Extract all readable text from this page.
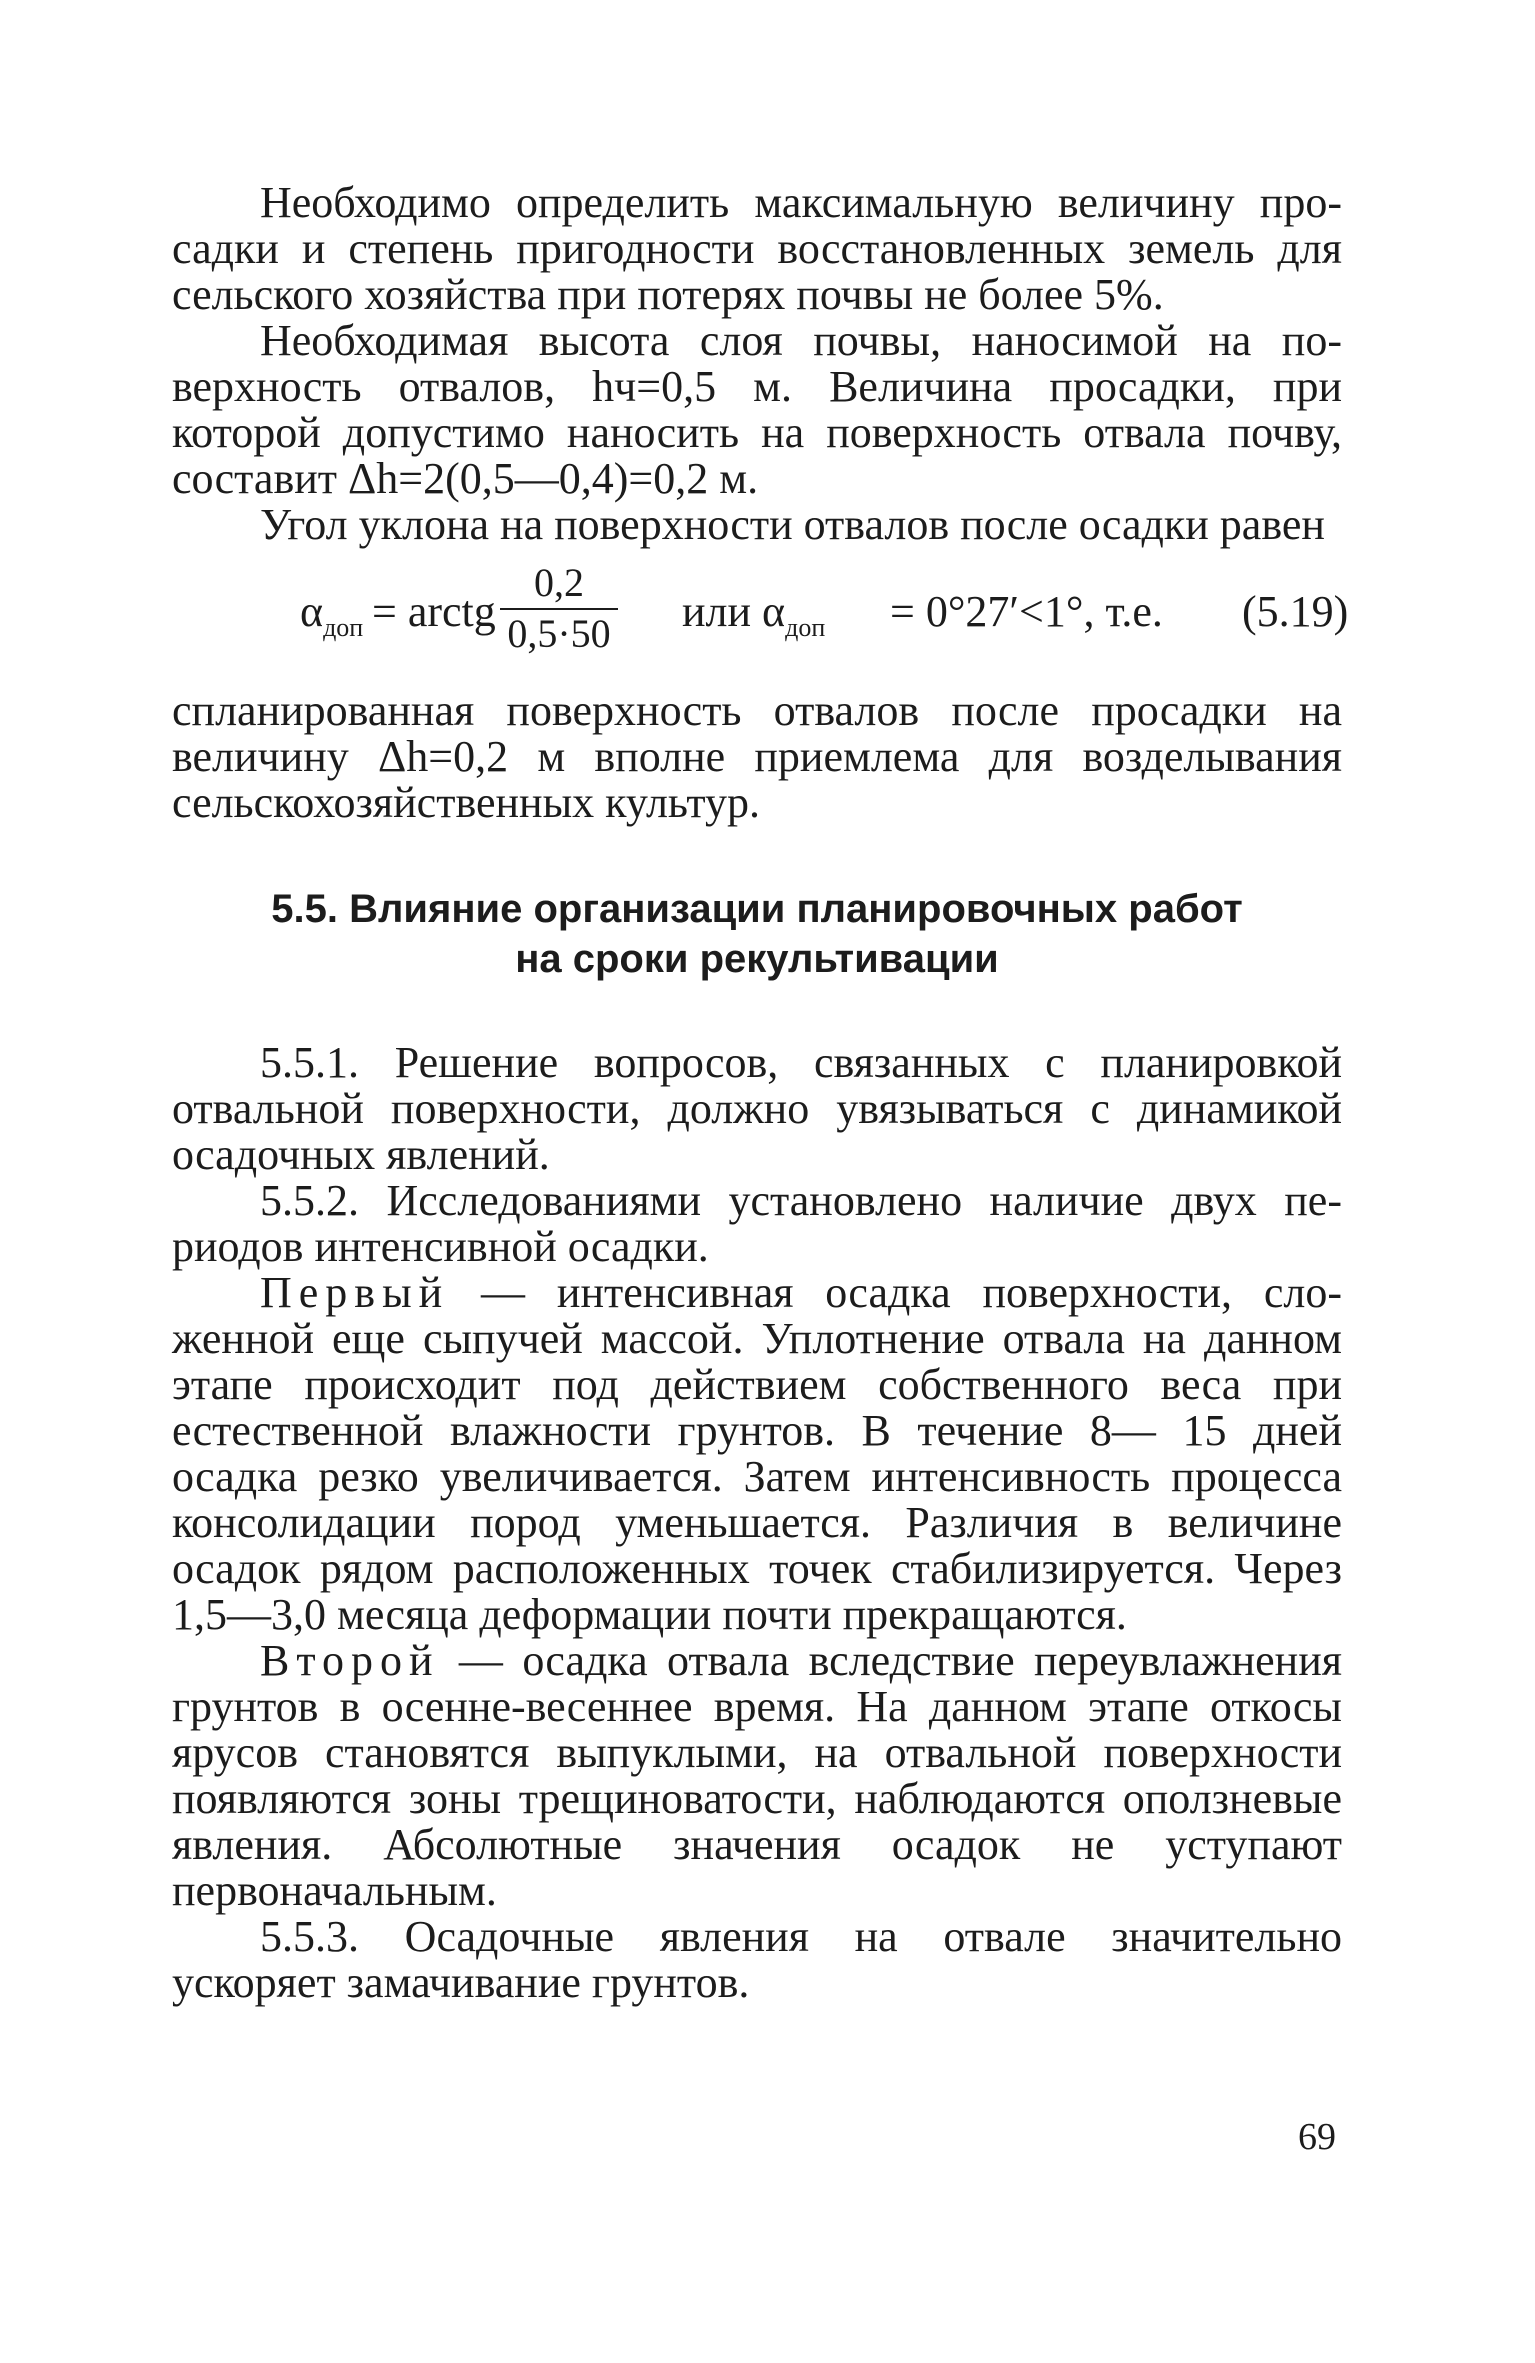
Необходимо определить максимальную величину просадки и степень пригодности восстановленных земель для сельского хозяйства при потерях почвы не более 5%.

Необходимая высота слоя почвы, наносимой на поверхность отвалов, hч=0,5 м. Величина просадки, при которой допустимо наносить на поверхность отвала почву, составит Δh=2(0,5—0,4)=0,2 м.

Угол уклона на поверхности отвалов после осадки равен

$\alpha_{доп}$ = arctg $\frac{0,2}{0,5\cdot 50}$ или $\alpha_{доп} = 0^\circ 27'<1^\circ$, т.е. (5.19)

спланированная поверхность отвалов после просадки на величину Δh=0,2 м вполне приемлема для возделывания сельскохозяйственных культур.

5.5. Влияние организации планировочных работ
на сроки рекультивации

5.5.1. Решение вопросов, связанных с планировкой отвальной поверхности, должно увязываться с динамикой осадочных явлений.

5.5.2. Исследованиями установлено наличие двух периодов интенсивной осадки.

Первый — интенсивная осадка поверхности, сложенной еще сыпучей массой. Уплотнение отвала на данном этапе происходит под действием собственного веса при естественной влажности грунтов. В течение 8— 15 дней осадка резко увеличивается. Затем интенсивность процесса консолидации пород уменьшается. Различия в величине осадок рядом расположенных точек стабилизируется. Через 1,5—3,0 месяца деформации почти прекращаются.

Второй — осадка отвала вследствие переувлажнения грунтов в осенне-весеннее время. На данном этапе откосы ярусов становятся выпуклыми, на отвальной поверхности появляются зоны трещиноватости, наблюдаются оползневые явления. Абсолютные значения осадок не уступают первоначальным.

5.5.3. Осадочные явления на отвале значительно ускоряет замачивание грунтов.

69
